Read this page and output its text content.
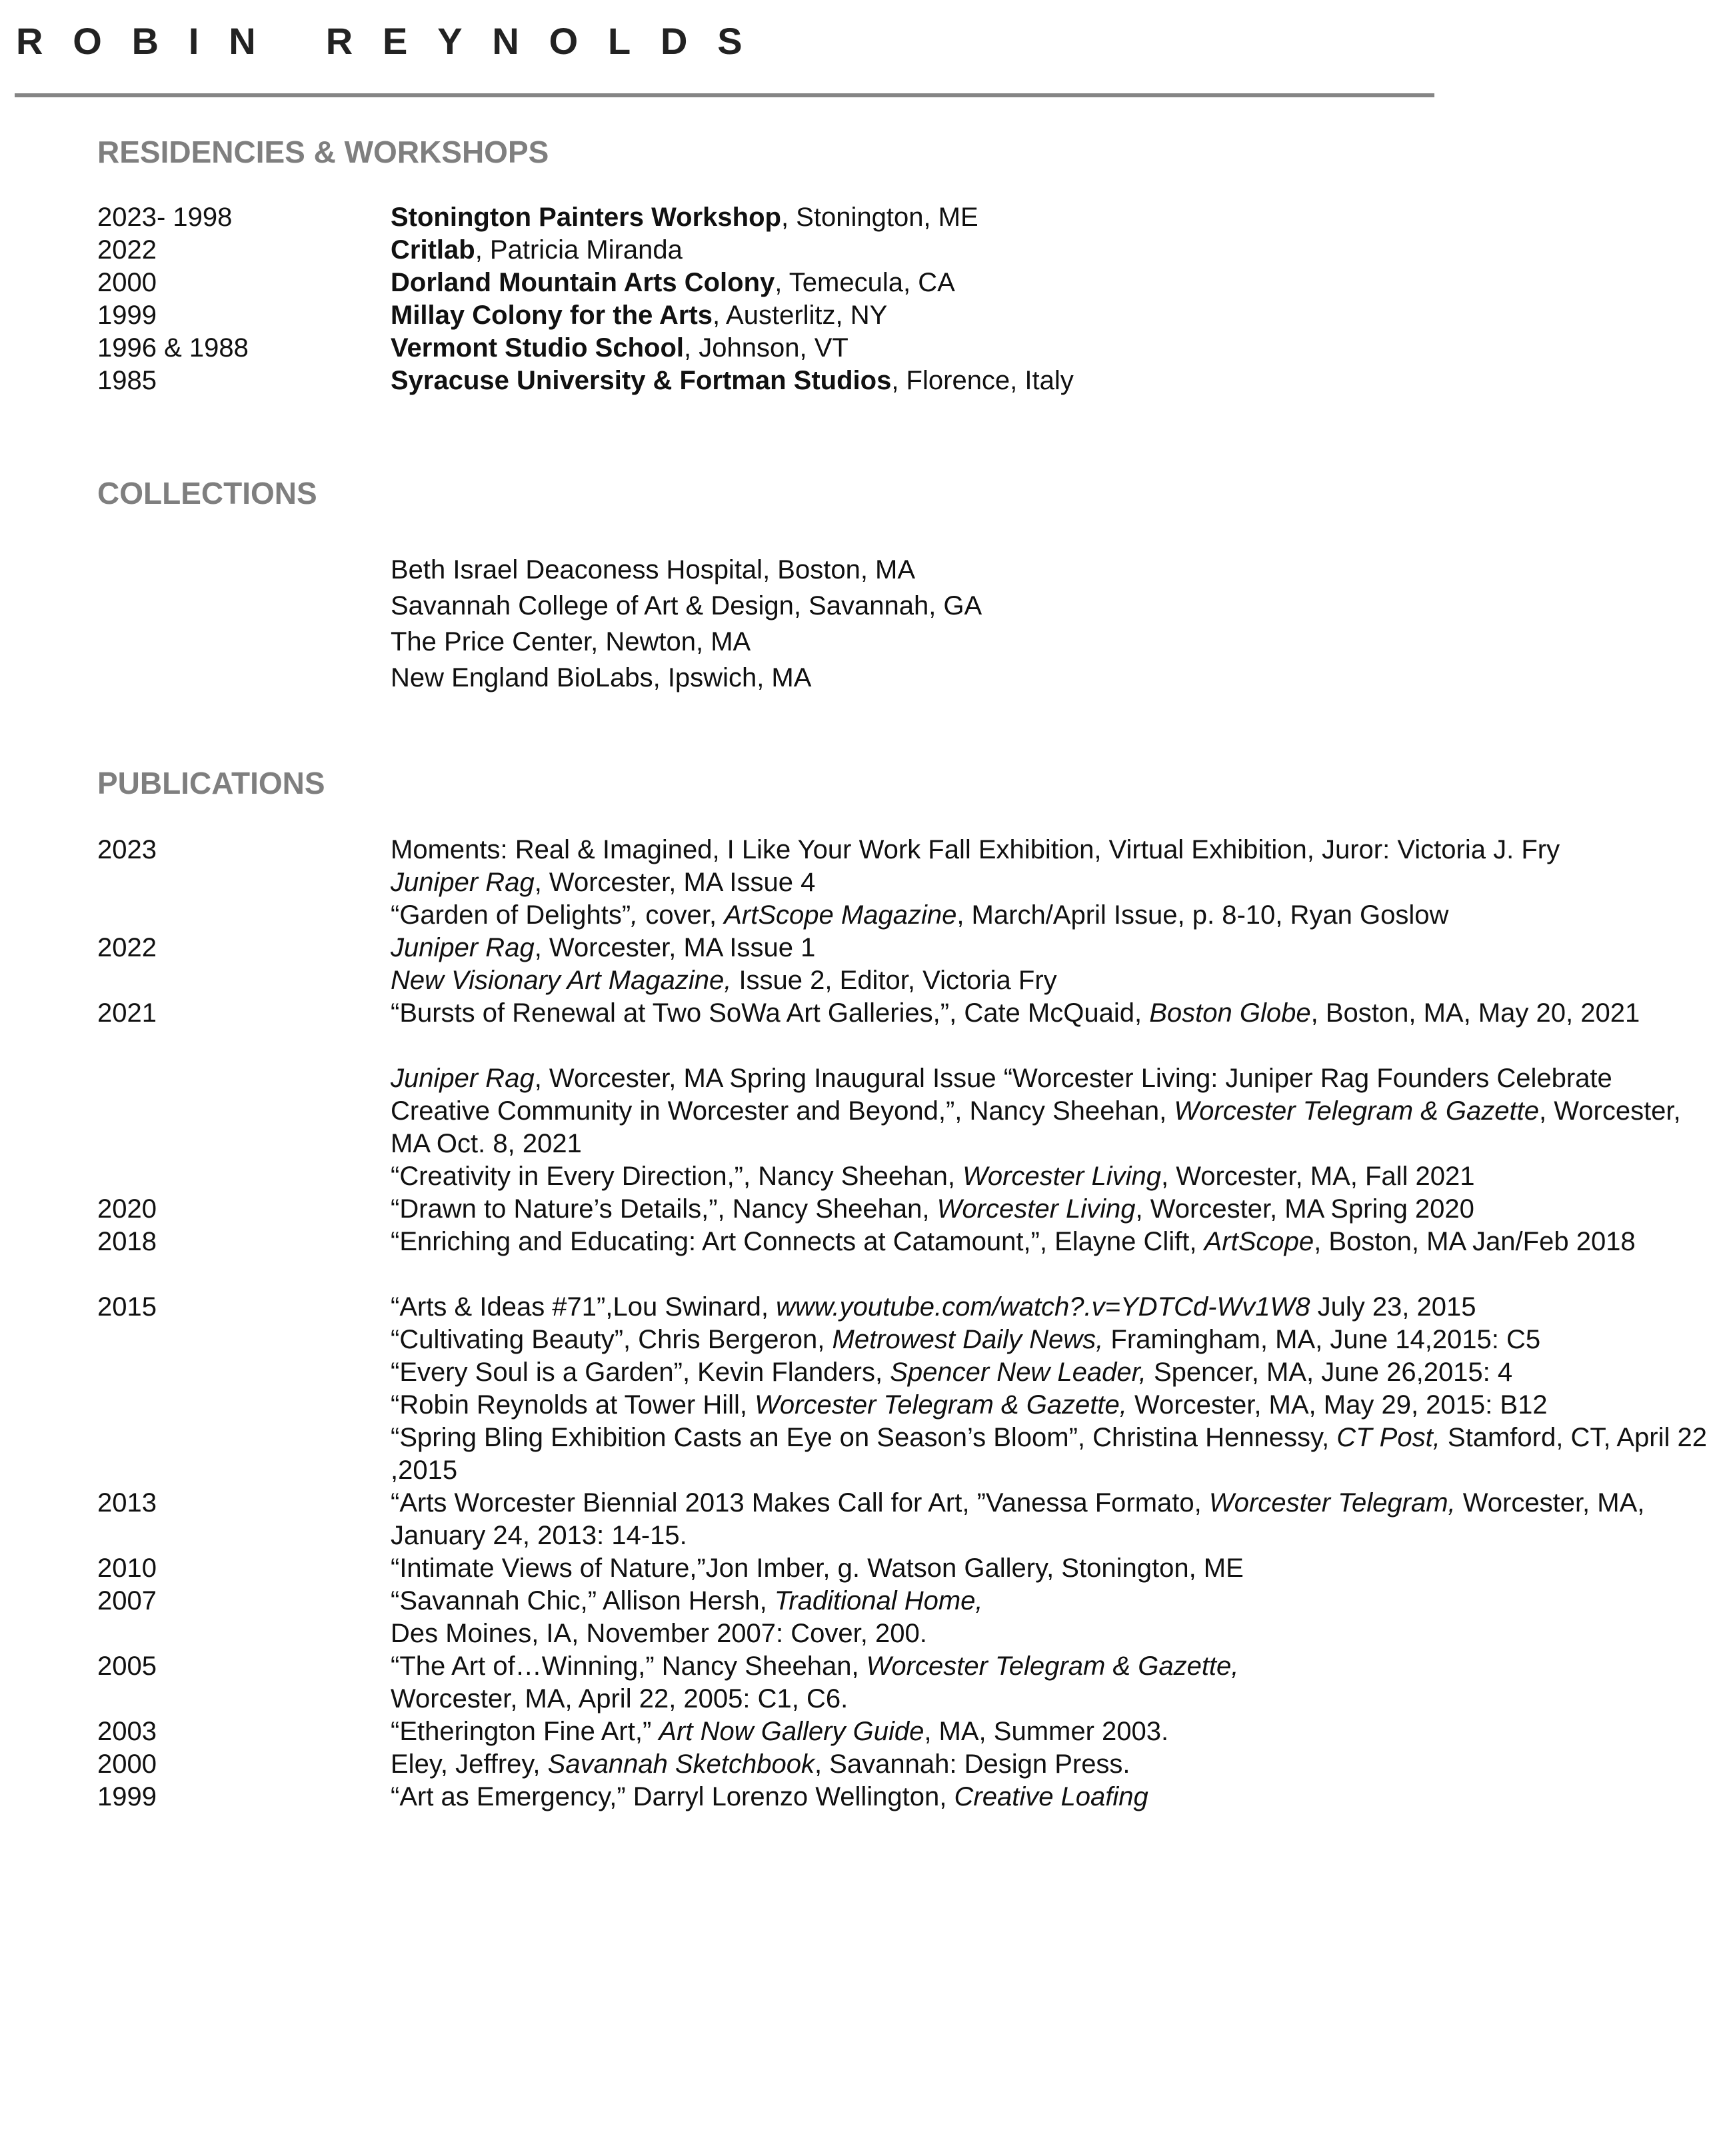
ROBIN REYNOLDS
RESIDENCIES & WORKSHOPS
2023- 1998	Stonington Painters Workshop, Stonington, ME
2022	Critlab, Patricia Miranda
2000	Dorland Mountain Arts Colony, Temecula, CA
1999	Millay Colony for the Arts, Austerlitz, NY
1996 & 1988	Vermont Studio School, Johnson, VT
1985	Syracuse University & Fortman Studios, Florence, Italy
COLLECTIONS
Beth Israel Deaconess Hospital, Boston, MA
Savannah College of Art & Design, Savannah, GA
The Price Center, Newton, MA
New England BioLabs, Ipswich, MA
PUBLICATIONS
2023	Moments: Real & Imagined, I Like Your Work Fall Exhibition, Virtual Exhibition, Juror: Victoria J. Fry
Juniper Rag, Worcester, MA Issue 4
“Garden of Delights”, cover, ArtScope Magazine, March/April Issue, p. 8-10, Ryan Goslow
2022	Juniper Rag, Worcester, MA Issue 1
New Visionary Art Magazine, Issue 2, Editor, Victoria Fry
2021	“Bursts of Renewal at Two SoWa Art Galleries,”, Cate McQuaid, Boston Globe, Boston, MA, May 20, 2021
Juniper Rag, Worcester, MA Spring Inaugural Issue “Worcester Living: Juniper Rag Founders Celebrate Creative Community in Worcester and Beyond,”, Nancy Sheehan, Worcester Telegram & Gazette, Worcester, MA Oct. 8, 2021
“Creativity in Every Direction,”, Nancy Sheehan, Worcester Living, Worcester, MA, Fall 2021
2020	“Drawn to Nature’s Details,”, Nancy Sheehan, Worcester Living, Worcester, MA Spring 2020
2018	“Enriching and Educating: Art Connects at Catamount,”, Elayne Clift, ArtScope, Boston, MA Jan/Feb 2018
2015	“Arts & Ideas #71”,Lou Swinard, www.youtube.com/watch?.v=YDTCd-Wv1W8 July 23, 2015
“Cultivating Beauty”, Chris Bergeron, Metrowest Daily News, Framingham, MA, June 14,2015: C5
“Every Soul is a Garden”, Kevin Flanders, Spencer New Leader, Spencer, MA, June 26,2015: 4
“Robin Reynolds at Tower Hill, Worcester Telegram & Gazette, Worcester, MA, May 29, 2015: B12
“Spring Bling Exhibition Casts an Eye on Season’s Bloom”, Christina Hennessy, CT Post, Stamford, CT, April 22 ,2015
2013	“Arts Worcester Biennial 2013 Makes Call for Art, ”Vanessa Formato, Worcester Telegram, Worcester, MA, January 24, 2013: 14-15.
2010	“Intimate Views of Nature,”Jon Imber, g. Watson Gallery, Stonington, ME
2007	“Savannah Chic,” Allison Hersh, Traditional Home,
Des Moines, IA, November 2007: Cover, 200.
2005	“The Art of…Winning,” Nancy Sheehan, Worcester Telegram & Gazette,
Worcester, MA, April 22, 2005: C1, C6.
2003	“Etherington Fine Art,” Art Now Gallery Guide, MA, Summer 2003.
2000	Eley, Jeffrey, Savannah Sketchbook, Savannah: Design Press.
1999	“Art as Emergency,” Darryl Lorenzo Wellington, Creative Loafing
